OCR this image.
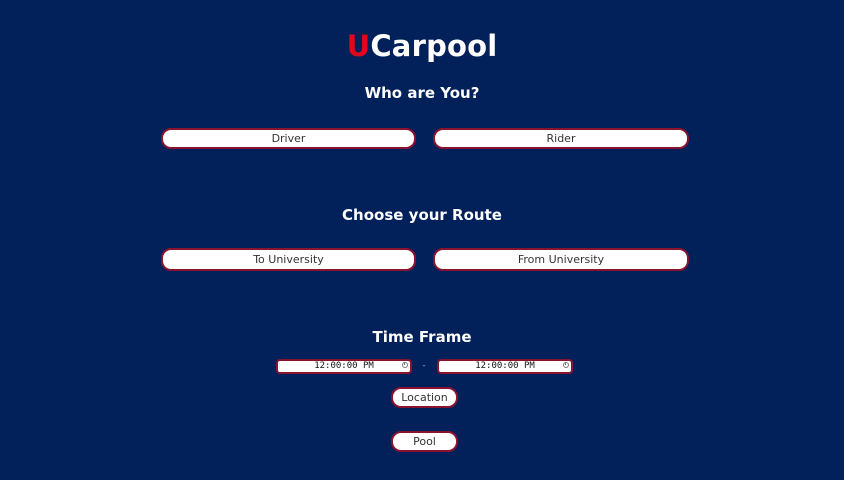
UCarpool
Who are You?
Driver	Rider
Choose your Route
To University	From University
Time Frame
12:00:00 PM	-	12:00:00 PM
Location
Pool
